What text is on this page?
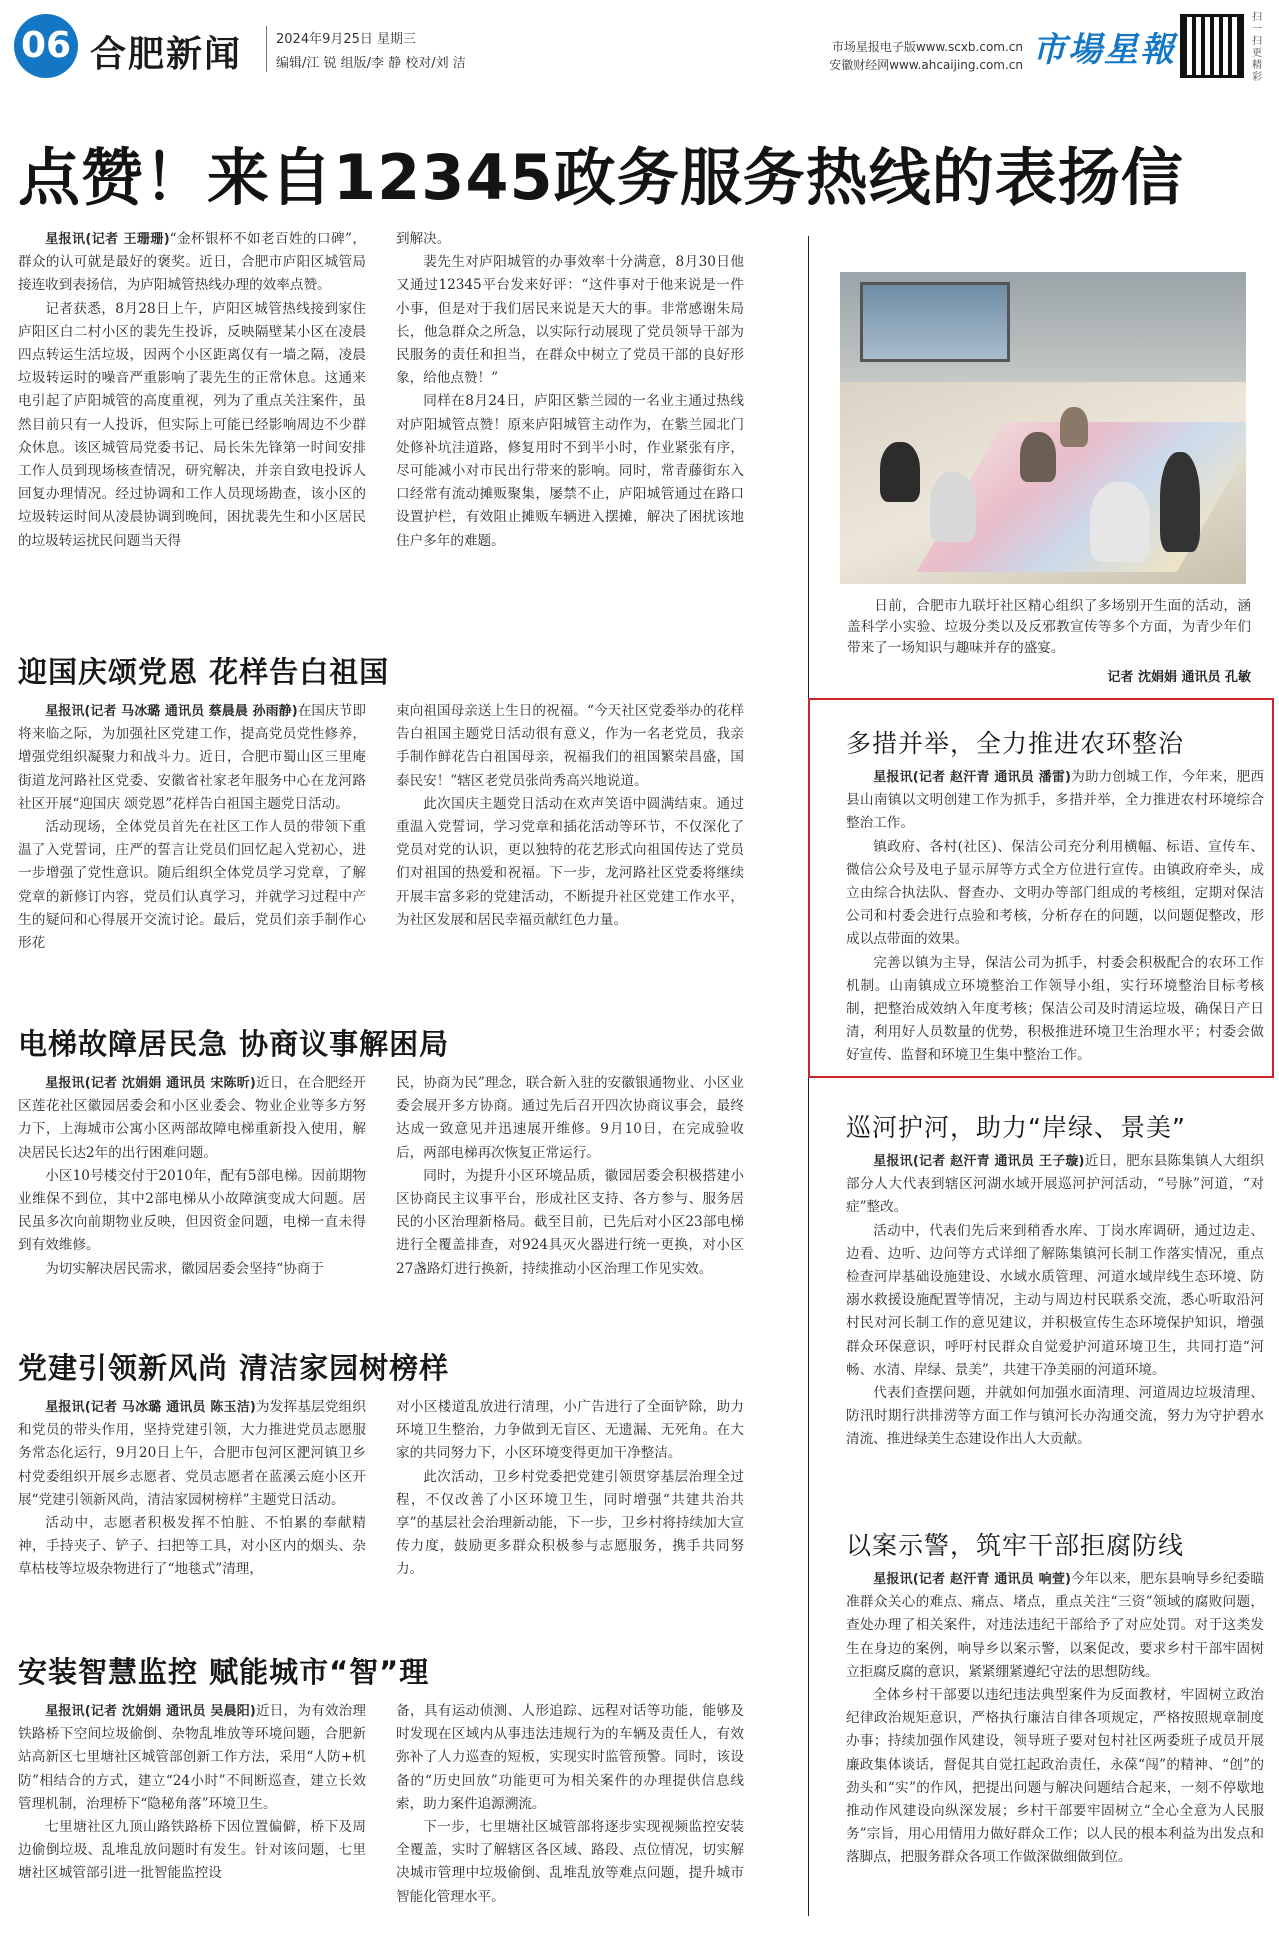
06 合肥新闻	2024年9月25日 星期三
编辑/江 锐 组版/李 静 校对/刘 洁
市场星报电子版www.scxb.com.cn
安徽财经网www.ahcaijing.com.cn 市場星報
扫一扫 更精彩
点赞！来自12345政务服务热线的表扬信

星报讯(记者 王珊珊)“金杯银杯不如老百姓的口碑”，群众的认可就是最好的褒奖。近日，合肥市庐阳区城管局接连收到表扬信，为庐阳城管热线办理的效率点赞。

记者获悉，8月28日上午，庐阳区城管热线接到家住庐阳区白二村小区的裴先生投诉，反映隔壁某小区在凌晨四点转运生活垃圾，因两个小区距离仅有一墙之隔，凌晨垃圾转运时的噪音严重影响了裴先生的正常休息。这通来电引起了庐阳城管的高度重视，列为了重点关注案件，虽然目前只有一人投诉，但实际上可能已经影响周边不少群众休息。该区城管局党委书记、局长朱先锋第一时间安排工作人员到现场核查情况，研究解决，并亲自致电投诉人回复办理情况。经过协调和工作人员现场勘查，该小区的垃圾转运时间从凌晨协调到晚间，困扰裴先生和小区居民的垃圾转运扰民问题当天得

到解决。

裴先生对庐阳城管的办事效率十分满意，8月30日他又通过12345平台发来好评：“这件事对于他来说是一件小事，但是对于我们居民来说是天大的事。非常感谢朱局长，他急群众之所急，以实际行动展现了党员领导干部为民服务的责任和担当，在群众中树立了党员干部的良好形象，给他点赞！”

同样在8月24日，庐阳区紫兰园的一名业主通过热线对庐阳城管点赞！原来庐阳城管主动作为，在紫兰园北门处修补坑洼道路，修复用时不到半小时，作业紧张有序，尽可能减小对市民出行带来的影响。同时，常青藤街东入口经常有流动摊贩聚集，屡禁不止，庐阳城管通过在路口设置护栏，有效阻止摊贩车辆进入摆摊，解决了困扰该地住户多年的难题。

迎国庆颂党恩 花样告白祖国

星报讯(记者 马冰璐 通讯员 蔡晨晨 孙雨静)在国庆节即将来临之际，为加强社区党建工作，提高党员党性修养，增强党组织凝聚力和战斗力。近日，合肥市蜀山区三里庵街道龙河路社区党委、安徽省社家老年服务中心在龙河路社区开展“迎国庆 颂党恩”花样告白祖国主题党日活动。

活动现场，全体党员首先在社区工作人员的带领下重温了入党誓词，庄严的誓言让党员们回忆起入党初心，进一步增强了党性意识。随后组织全体党员学习党章，了解党章的新修订内容，党员们认真学习，并就学习过程中产生的疑问和心得展开交流讨论。最后，党员们亲手制作心形花

束向祖国母亲送上生日的祝福。“今天社区党委举办的花样告白祖国主题党日活动很有意义，作为一名老党员，我亲手制作鲜花告白祖国母亲，祝福我们的祖国繁荣昌盛，国泰民安！”辖区老党员张尚秀高兴地说道。

此次国庆主题党日活动在欢声笑语中圆满结束。通过重温入党誓词，学习党章和插花活动等环节，不仅深化了党员对党的认识，更以独特的花艺形式向祖国传达了党员们对祖国的热爱和祝福。下一步，龙河路社区党委将继续开展丰富多彩的党建活动，不断提升社区党建工作水平，为社区发展和居民幸福贡献红色力量。

电梯故障居民急 协商议事解困局

星报讯(记者 沈娟娟 通讯员 宋陈昕)近日，在合肥经开区莲花社区徽园居委会和小区业委会、物业企业等多方努力下，上海城市公寓小区两部故障电梯重新投入使用，解决居民长达2年的出行困难问题。

小区10号楼交付于2010年，配有5部电梯。因前期物业维保不到位，其中2部电梯从小故障演变成大问题。居民虽多次向前期物业反映，但因资金问题，电梯一直未得到有效维修。

为切实解决居民需求，徽园居委会坚持“协商于

民，协商为民”理念，联合新入驻的安徽银通物业、小区业委会展开多方协商。通过先后召开四次协商议事会，最终达成一致意见并迅速展开维修。9月10日，在完成验收后，两部电梯再次恢复正常运行。

同时，为提升小区环境品质，徽园居委会积极搭建小区协商民主议事平台，形成社区支持、各方参与、服务居民的小区治理新格局。截至目前，已先后对小区23部电梯进行全覆盖排查，对924具灭火器进行统一更换，对小区27盏路灯进行换新，持续推动小区治理工作见实效。

党建引领新风尚 清洁家园树榜样

星报讯(记者 马冰璐 通讯员 陈玉洁)为发挥基层党组织和党员的带头作用，坚持党建引领，大力推进党员志愿服务常态化运行，9月20日上午，合肥市包河区淝河镇卫乡村党委组织开展乡志愿者、党员志愿者在蓝溪云庭小区开展“党建引领新风尚，清洁家园树榜样”主题党日活动。

活动中，志愿者积极发挥不怕脏、不怕累的奉献精神，手持夹子、铲子、扫把等工具，对小区内的烟头、杂草枯枝等垃圾杂物进行了“地毯式”清理，

对小区楼道乱放进行清理，小广告进行了全面铲除，助力环境卫生整治，力争做到无盲区、无遗漏、无死角。在大家的共同努力下，小区环境变得更加干净整洁。

此次活动，卫乡村党委把党建引领贯穿基层治理全过程，不仅改善了小区环境卫生，同时增强“共建共治共享”的基层社会治理新动能，下一步，卫乡村将持续加大宣传力度，鼓励更多群众积极参与志愿服务，携手共同努力。

安装智慧监控 赋能城市“智”理

星报讯(记者 沈娟娟 通讯员 吴晨阳)近日，为有效治理铁路桥下空间垃圾偷倒、杂物乱堆放等环境问题，合肥新站高新区七里塘社区城管部创新工作方法，采用“人防+机防”相结合的方式，建立“24小时”不间断巡查，建立长效管理机制，治理桥下“隐秘角落”环境卫生。

七里塘社区九顶山路铁路桥下因位置偏僻，桥下及周边偷倒垃圾、乱堆乱放问题时有发生。针对该问题，七里塘社区城管部引进一批智能监控设

备，具有运动侦测、人形追踪、远程对话等功能，能够及时发现在区域内从事违法违规行为的车辆及责任人，有效弥补了人力巡查的短板，实现实时监管预警。同时，该设备的“历史回放”功能更可为相关案件的办理提供信息线索，助力案件追源溯流。

下一步，七里塘社区城管部将逐步实现视频监控安装全覆盖，实时了解辖区各区域、路段、点位情况，切实解决城市管理中垃圾偷倒、乱堆乱放等难点问题，提升城市智能化管理水平。

日前，合肥市九联圩社区精心组织了多场别开生面的活动，涵盖科学小实验、垃圾分类以及反邪教宣传等多个方面，为青少年们带来了一场知识与趣味并存的盛宴。
记者 沈娟娟 通讯员 孔敏
多措并举，全力推进农环整治

星报讯(记者 赵汗青 通讯员 潘雷)为助力创城工作，今年来，肥西县山南镇以文明创建工作为抓手，多措并举，全力推进农村环境综合整治工作。

镇政府、各村(社区)、保洁公司充分利用横幅、标语、宣传车、微信公众号及电子显示屏等方式全方位进行宣传。由镇政府牵头，成立由综合执法队、督查办、文明办等部门组成的考核组，定期对保洁公司和村委会进行点验和考核，分析存在的问题，以问题促整改，形成以点带面的效果。

完善以镇为主导，保洁公司为抓手，村委会积极配合的农环工作机制。山南镇成立环境整治工作领导小组，实行环境整治目标考核制，把整治成效纳入年度考核；保洁公司及时清运垃圾，确保日产日清，利用好人员数量的优势，积极推进环境卫生治理水平；村委会做好宣传、监督和环境卫生集中整治工作。

巡河护河，助力“岸绿、景美”

星报讯(记者 赵汗青 通讯员 王子璇)近日，肥东县陈集镇人大组织部分人大代表到辖区河湖水域开展巡河护河活动，“号脉”河道，“对症”整改。

活动中，代表们先后来到稍香水库、丁岗水库调研，通过边走、边看、边听、边问等方式详细了解陈集镇河长制工作落实情况，重点检查河岸基础设施建设、水域水质管理、河道水域岸线生态环境、防溺水救援设施配置等情况，主动与周边村民联系交流，悉心听取沿河村民对河长制工作的意见建议，并积极宣传生态环境保护知识，增强群众环保意识，呼吁村民群众自觉爱护河道环境卫生，共同打造“河畅、水清、岸绿、景美”，共建干净美丽的河道环境。

代表们查摆问题，并就如何加强水面清理、河道周边垃圾清理、防汛时期行洪排涝等方面工作与镇河长办沟通交流，努力为守护碧水清流、推进绿美生态建设作出人大贡献。

以案示警，筑牢干部拒腐防线

星报讯(记者 赵汗青 通讯员 响萱)今年以来，肥东县响导乡纪委瞄准群众关心的难点、痛点、堵点，重点关注“三资”领域的腐败问题，查处办理了相关案件，对违法违纪干部给予了对应处罚。对于这类发生在身边的案例，响导乡以案示警，以案促改，要求乡村干部牢固树立拒腐反腐的意识，紧紧绷紧遵纪守法的思想防线。

全体乡村干部要以违纪违法典型案件为反面教材，牢固树立政治纪律政治规矩意识，严格执行廉洁自律各项规定，严格按照规章制度办事；持续加强作风建设，领导班子要对包村社区两委班子成员开展廉政集体谈话，督促其自觉扛起政治责任，永葆“闯”的精神、“创”的劲头和“实”的作风，把提出问题与解决问题结合起来，一刻不停歇地推动作风建设向纵深发展；乡村干部要牢固树立“全心全意为人民服务”宗旨，用心用情用力做好群众工作；以人民的根本利益为出发点和落脚点，把服务群众各项工作做深做细做到位。
